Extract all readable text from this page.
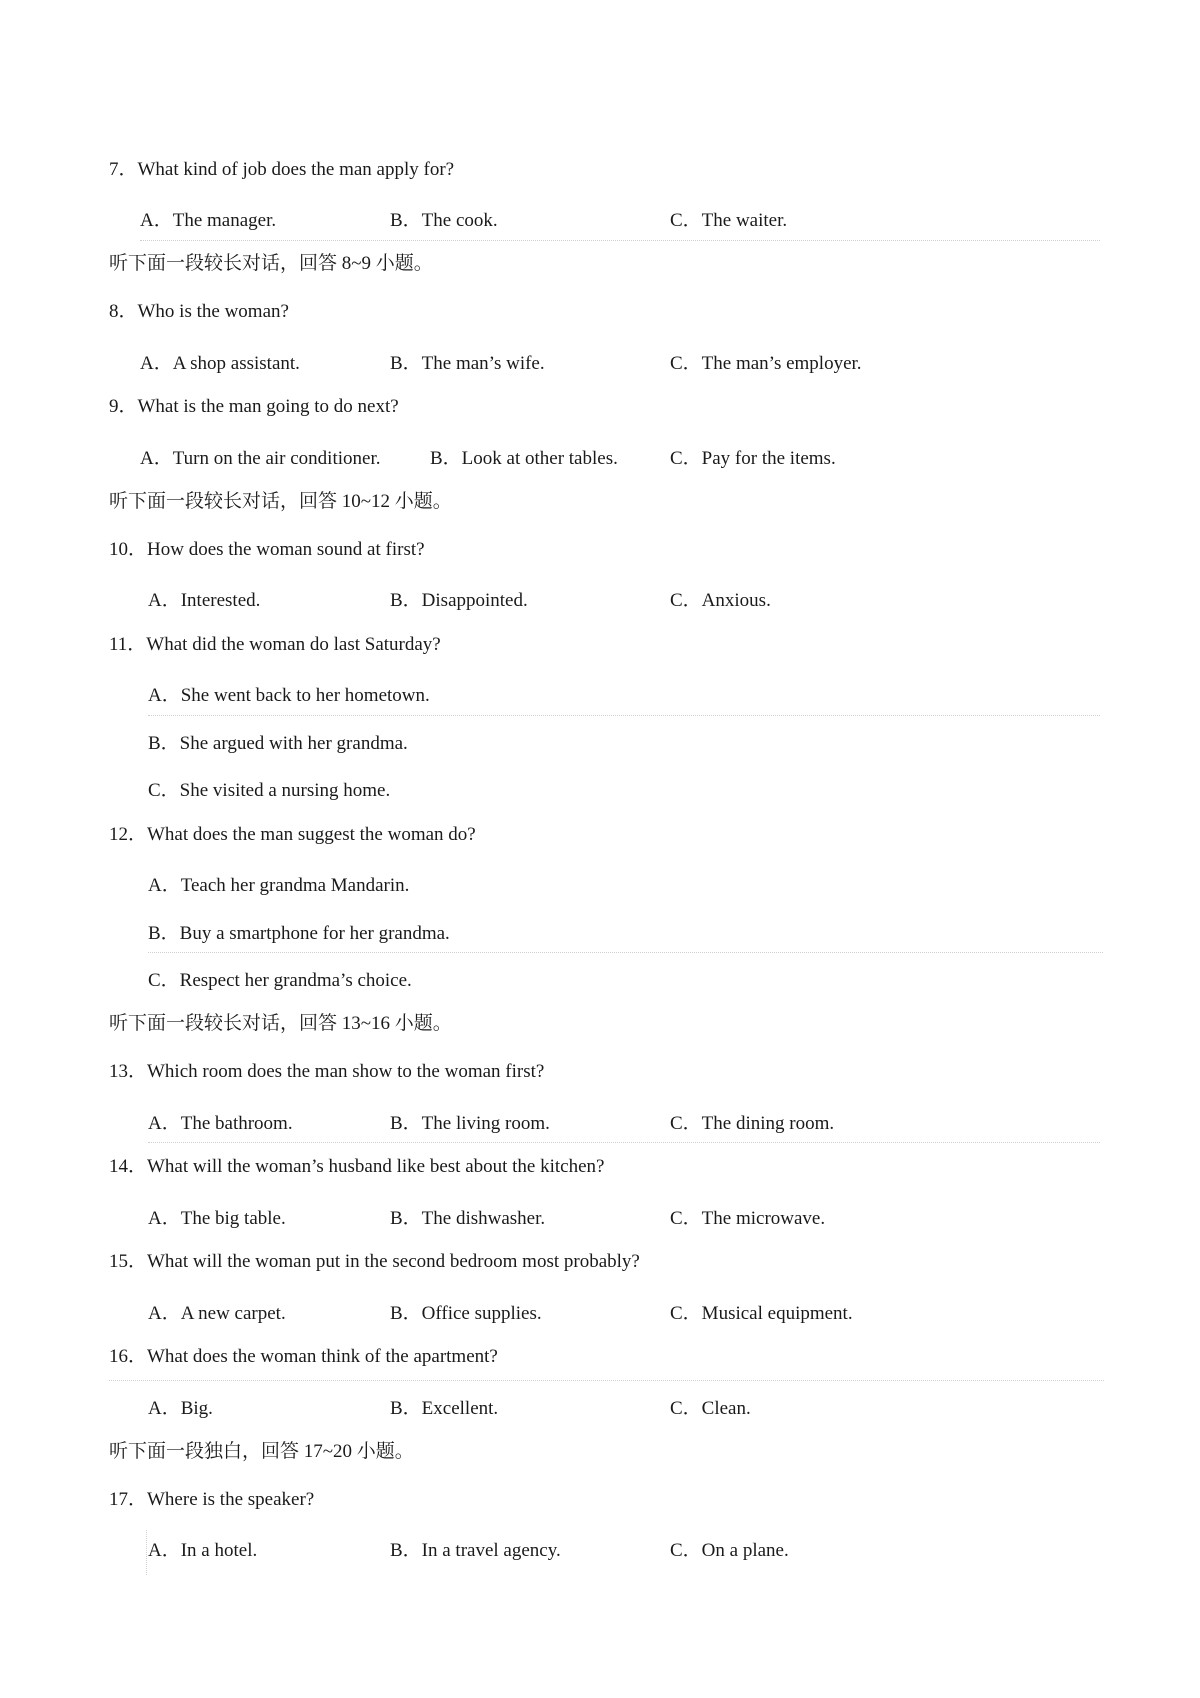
7．What kind of job does the man apply for?
A．The manager.	B．The cook.	C．The waiter.
听下面一段较长对话，回答 8~9 小题。
8．Who is the woman?
A．A shop assistant.	B．The man’s wife.	C．The man’s employer.
9．What is the man going to do next?
A．Turn on the air conditioner.	B．Look at other tables.	C．Pay for the items.
听下面一段较长对话，回答 10~12 小题。
10．How does the woman sound at first?
A．Interested.	B．Disappointed.	C．Anxious.
11．What did the woman do last Saturday?
A．She went back to her hometown.
B．She argued with her grandma.
C．She visited a nursing home.
12．What does the man suggest the woman do?
A．Teach her grandma Mandarin.
B．Buy a smartphone for her grandma.
C．Respect her grandma’s choice.
听下面一段较长对话，回答 13~16 小题。
13．Which room does the man show to the woman first?
A．The bathroom.	B．The living room.	C．The dining room.
14．What will the woman’s husband like best about the kitchen?
A．The big table.	B．The dishwasher.	C．The microwave.
15．What will the woman put in the second bedroom most probably?
A．A new carpet.	B．Office supplies.	C．Musical equipment.
16．What does the woman think of the apartment?
A．Big.	B．Excellent.	C．Clean.
听下面一段独白，回答 17~20 小题。
17．Where is the speaker?
A．In a hotel.	B．In a travel agency.	C．On a plane.
